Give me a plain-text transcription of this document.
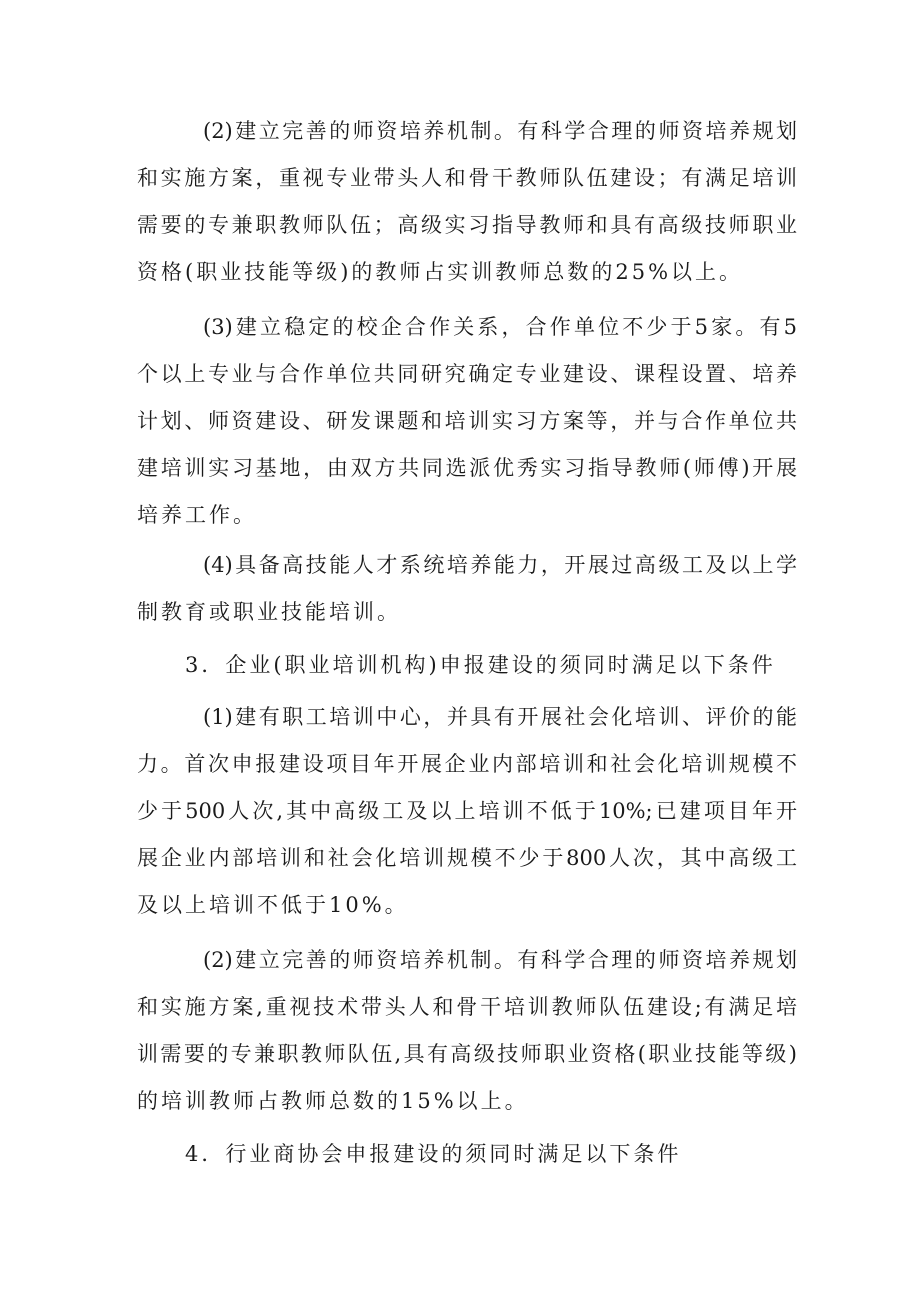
(2)建立完善的师资培养机制。有科学合理的师资培养规划
和实施方案，重视专业带头人和骨干教师队伍建设；有满足培训
需要的专兼职教师队伍；高级实习指导教师和具有高级技师职业
资格(职业技能等级)的教师占实训教师总数的25%以上。
(3)建立稳定的校企合作关系，合作单位不少于5家。有5
个以上专业与合作单位共同研究确定专业建设、课程设置、培养
计划、师资建设、研发课题和培训实习方案等，并与合作单位共
建培训实习基地，由双方共同选派优秀实习指导教师(师傅)开展
培养工作。
(4)具备高技能人才系统培养能力，开展过高级工及以上学
制教育或职业技能培训。
3．企业(职业培训机构)申报建设的须同时满足以下条件
(1)建有职工培训中心，并具有开展社会化培训、评价的能
力。首次申报建设项目年开展企业内部培训和社会化培训规模不
少于500人次,其中高级工及以上培训不低于10%;已建项目年开
展企业内部培训和社会化培训规模不少于800人次，其中高级工
及以上培训不低于10%。
(2)建立完善的师资培养机制。有科学合理的师资培养规划
和实施方案,重视技术带头人和骨干培训教师队伍建设;有满足培
训需要的专兼职教师队伍,具有高级技师职业资格(职业技能等级)
的培训教师占教师总数的15%以上。
4．行业商协会申报建设的须同时满足以下条件
